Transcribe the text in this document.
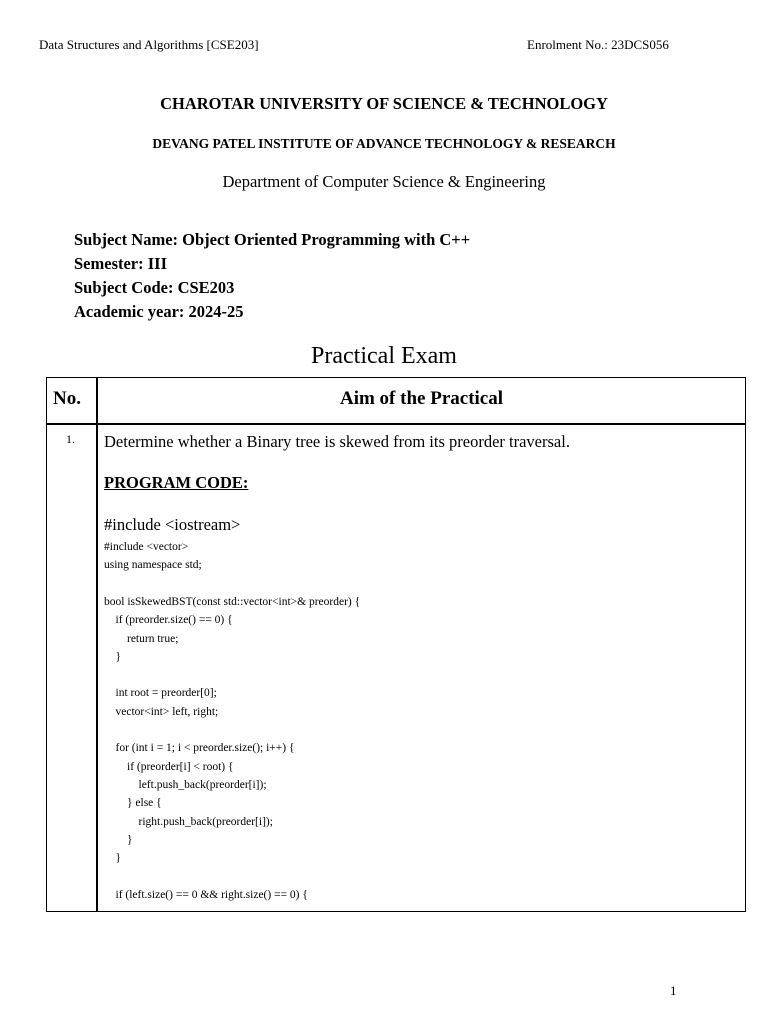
Data Structures and Algorithms [CSE203]	Enrolment No.: 23DCS056
CHAROTAR UNIVERSITY OF SCIENCE & TECHNOLOGY
DEVANG PATEL INSTITUTE OF ADVANCE TECHNOLOGY & RESEARCH
Department of Computer Science & Engineering
Subject Name: Object Oriented Programming with C++
Semester: III
Subject Code: CSE203
Academic year: 2024-25
Practical Exam
No.	Aim of the Practical
1. Determine whether a Binary tree is skewed from its preorder traversal.
PROGRAM CODE:
#include <iostream>
#include <vector>
using namespace std;
bool isSkewedBST(const std::vector<int>& preorder) {
if (preorder.size() == 0) {
return true;
}
int root = preorder[0];
vector<int> left, right;
for (int i = 1; i < preorder.size(); i++) {
if (preorder[i] < root) {
left.push_back(preorder[i]);
} else {
right.push_back(preorder[i]);
}
}
if (left.size() == 0 && right.size() == 0) {
1
